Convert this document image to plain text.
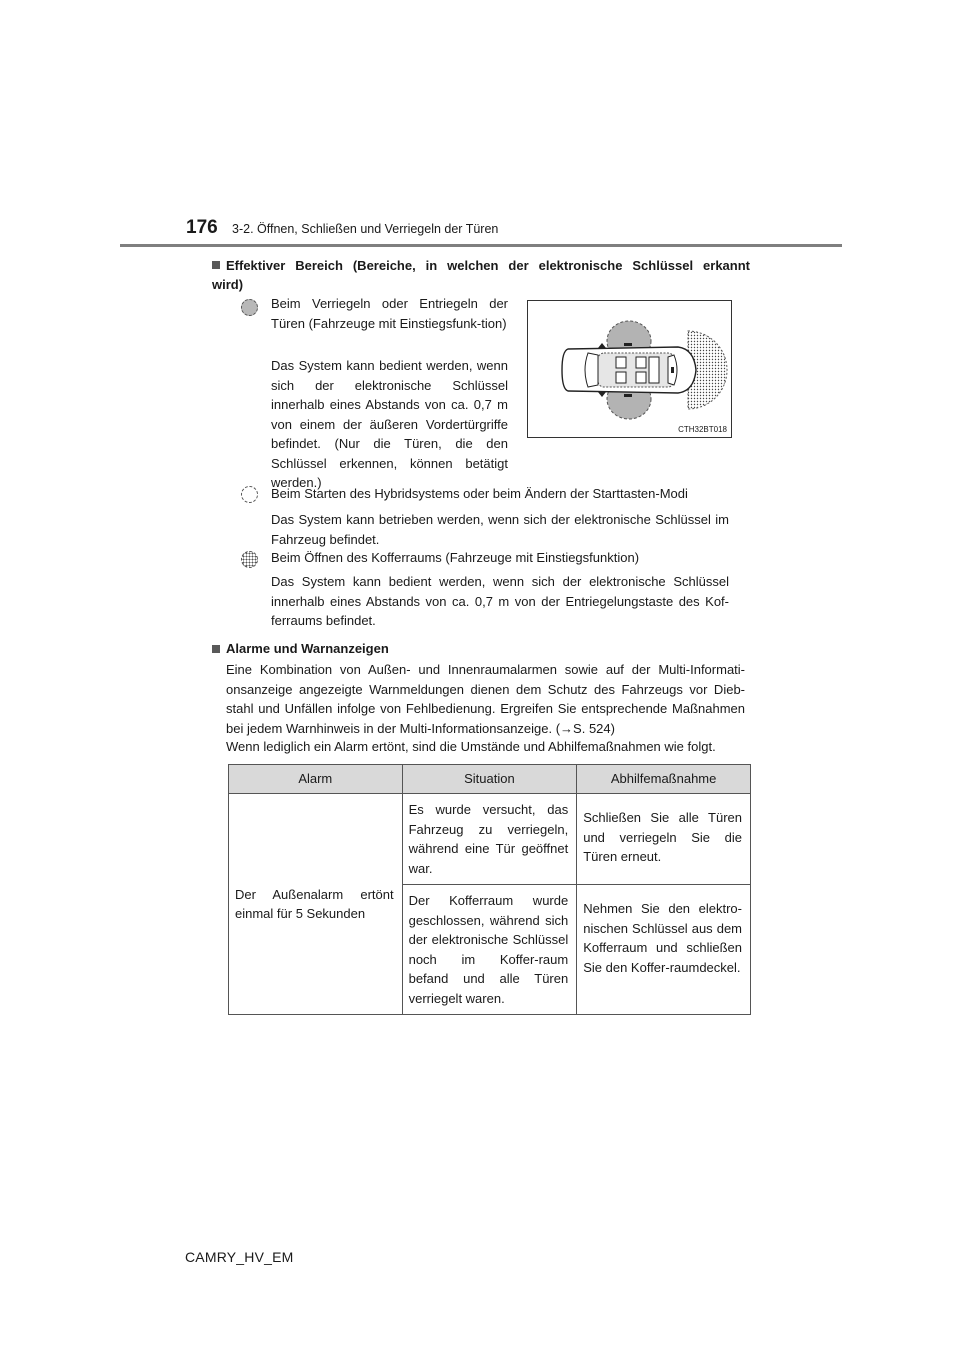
176 3-2. Öffnen, Schließen und Verriegeln der Türen
Effektiver Bereich (Bereiche, in welchen der elektronische Schlüssel erkannt
wird)
Beim Verriegeln oder Entriegeln der Türen (Fahrzeuge mit Einstiegsfunk-tion)
Das System kann bedient werden, wenn sich der elektronische Schlüssel innerhalb eines Abstands von ca. 0,7 m von einem der äußeren Vordertürgriffe befindet. (Nur die Türen, die den Schlüssel erkennen, können betätigt werden.)
CTH32BT018
Beim Starten des Hybridsystems oder beim Ändern der Starttasten-Modi
Das System kann betrieben werden, wenn sich der elektronische Schlüssel im Fahrzeug befindet.
Beim Öffnen des Kofferraums (Fahrzeuge mit Einstiegsfunktion)
Das System kann bedient werden, wenn sich der elektronische Schlüssel innerhalb eines Abstands von ca. 0,7 m von der Entriegelungstaste des Kof-ferraums befindet.
Alarme und Warnanzeigen
Eine Kombination von Außen- und Innenraumalarmen sowie auf der Multi-Informati-onsanzeige angezeigte Warnmeldungen dienen dem Schutz des Fahrzeugs vor Dieb-stahl und Unfällen infolge von Fehlbedienung. Ergreifen Sie entsprechende Maßnahmen bei jedem Warnhinweis in der Multi-Informationsanzeige. (→S. 524)
Wenn lediglich ein Alarm ertönt, sind die Umstände und Abhilfemaßnahmen wie folgt.
Alarm	Situation	Abhilfemaßnahme
Der Außenalarm ertönt einmal für 5 Sekunden	Es wurde versucht, das Fahrzeug zu verriegeln, während eine Tür geöffnet war.	Schließen Sie alle Türen und verriegeln Sie die Türen erneut.
	Der Kofferraum wurde geschlossen, während sich der elektronische Schlüssel noch im Koffer-raum befand und alle Türen verriegelt waren.	Nehmen Sie den elektro-nischen Schlüssel aus dem Kofferraum und schließen Sie den Koffer-raumdeckel.
CAMRY_HV_EM
